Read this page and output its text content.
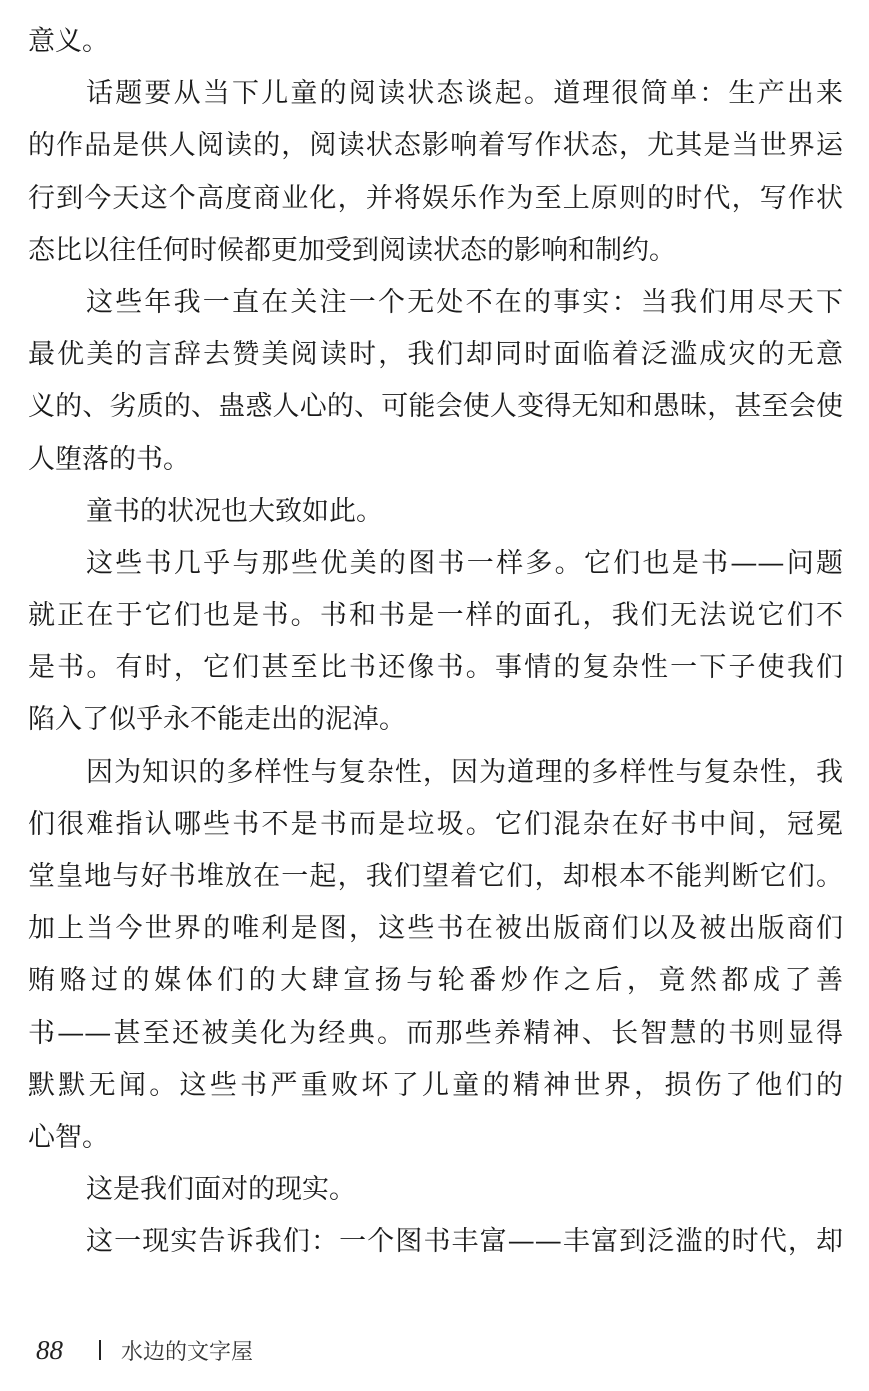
意义。
话题要从当下儿童的阅读状态谈起。道理很简单：生产出来
的作品是供人阅读的，阅读状态影响着写作状态，尤其是当世界运
行到今天这个高度商业化，并将娱乐作为至上原则的时代，写作状
态比以往任何时候都更加受到阅读状态的影响和制约。
这些年我一直在关注一个无处不在的事实：当我们用尽天下
最优美的言辞去赞美阅读时，我们却同时面临着泛滥成灾的无意
义的、劣质的、蛊惑人心的、可能会使人变得无知和愚昧，甚至会使
人堕落的书。
童书的状况也大致如此。
这些书几乎与那些优美的图书一样多。它们也是书——问题
就正在于它们也是书。书和书是一样的面孔，我们无法说它们不
是书。有时，它们甚至比书还像书。事情的复杂性一下子使我们
陷入了似乎永不能走出的泥淖。
因为知识的多样性与复杂性，因为道理的多样性与复杂性，我
们很难指认哪些书不是书而是垃圾。它们混杂在好书中间，冠冕
堂皇地与好书堆放在一起，我们望着它们，却根本不能判断它们。
加上当今世界的唯利是图，这些书在被出版商们以及被出版商们
贿赂过的媒体们的大肆宣扬与轮番炒作之后，竟然都成了善
书——甚至还被美化为经典。而那些养精神、长智慧的书则显得
默默无闻。这些书严重败坏了儿童的精神世界，损伤了他们的
心智。
这是我们面对的现实。
这一现实告诉我们：一个图书丰富——丰富到泛滥的时代，却
88	水边的文字屋
